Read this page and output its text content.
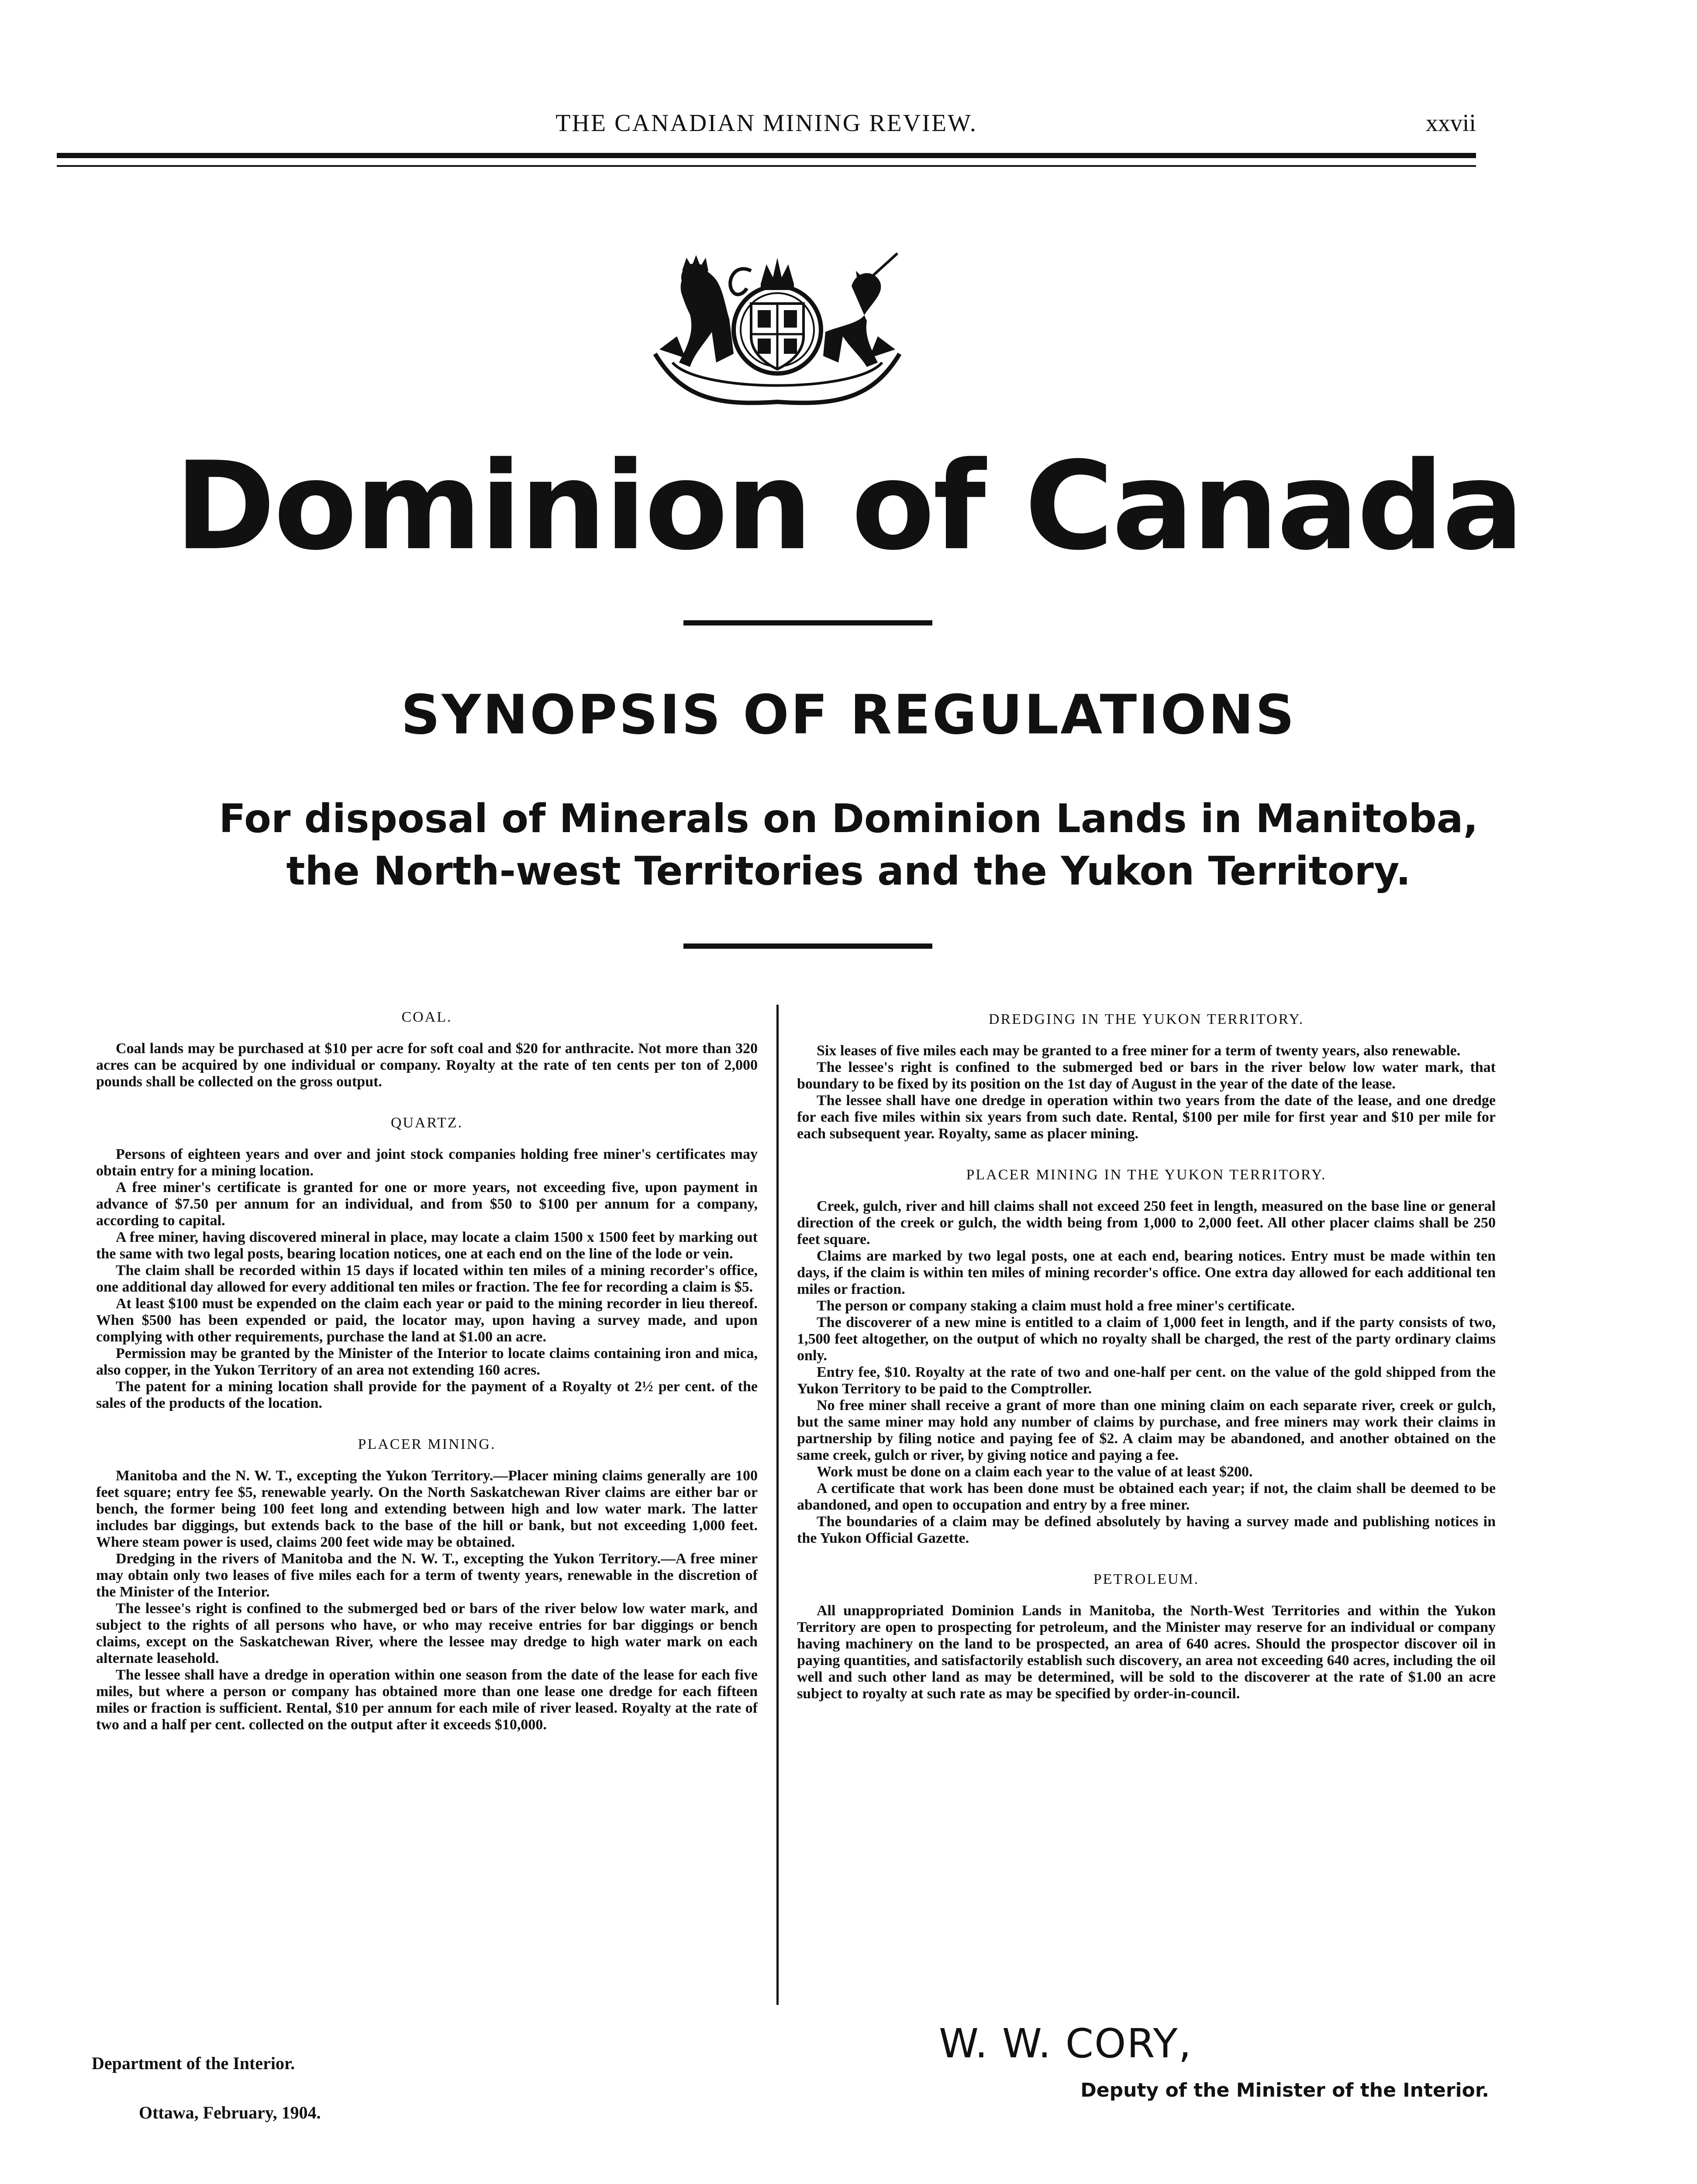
THE CANADIAN MINING REVIEW.	xxvii
Dominion of Canada
SYNOPSIS OF REGULATIONS
For disposal of Minerals on Dominion Lands in Manitoba,
the North-west Territories and the Yukon Territory.
COAL.

Coal lands may be purchased at $10 per acre for soft coal and $20 for anthracite. Not more than 320 acres can be acquired by one individual or company. Royalty at the rate of ten cents per ton of 2,000 pounds shall be collected on the gross output.

QUARTZ.

Persons of eighteen years and over and joint stock companies holding free miner's certificates may obtain entry for a mining location.

A free miner's certificate is granted for one or more years, not exceeding five, upon payment in advance of $7.50 per annum for an individual, and from $50 to $100 per annum for a company, according to capital.

A free miner, having discovered mineral in place, may locate a claim 1500 x 1500 feet by marking out the same with two legal posts, bearing location notices, one at each end on the line of the lode or vein.

The claim shall be recorded within 15 days if located within ten miles of a mining recorder's office, one additional day allowed for every additional ten miles or fraction. The fee for recording a claim is $5.

At least $100 must be expended on the claim each year or paid to the mining recorder in lieu thereof. When $500 has been expended or paid, the locator may, upon having a survey made, and upon complying with other requirements, purchase the land at $1.00 an acre.

Permission may be granted by the Minister of the Interior to locate claims containing iron and mica, also copper, in the Yukon Territory of an area not extending 160 acres.

The patent for a mining location shall provide for the payment of a Royalty ot 2½ per cent. of the sales of the products of the location.

PLACER MINING.

Manitoba and the N. W. T., excepting the Yukon Territory.—Placer mining claims generally are 100 feet square; entry fee $5, renewable yearly. On the North Saskatchewan River claims are either bar or bench, the former being 100 feet long and extending between high and low water mark. The latter includes bar diggings, but extends back to the base of the hill or bank, but not exceeding 1,000 feet. Where steam power is used, claims 200 feet wide may be obtained.

Dredging in the rivers of Manitoba and the N. W. T., excepting the Yukon Territory.—A free miner may obtain only two leases of five miles each for a term of twenty years, renewable in the discretion of the Minister of the Interior.

The lessee's right is confined to the submerged bed or bars of the river below low water mark, and subject to the rights of all persons who have, or who may receive entries for bar diggings or bench claims, except on the Saskatchewan River, where the lessee may dredge to high water mark on each alternate leasehold.

The lessee shall have a dredge in operation within one season from the date of the lease for each five miles, but where a person or company has obtained more than one lease one dredge for each fifteen miles or fraction is sufficient. Rental, $10 per annum for each mile of river leased. Royalty at the rate of two and a half per cent. collected on the output after it exceeds $10,000.

DREDGING IN THE YUKON TERRITORY.

Six leases of five miles each may be granted to a free miner for a term of twenty years, also renewable.

The lessee's right is confined to the submerged bed or bars in the river below low water mark, that boundary to be fixed by its position on the 1st day of August in the year of the date of the lease.

The lessee shall have one dredge in operation within two years from the date of the lease, and one dredge for each five miles within six years from such date. Rental, $100 per mile for first year and $10 per mile for each subsequent year. Royalty, same as placer mining.

PLACER MINING IN THE YUKON TERRITORY.

Creek, gulch, river and hill claims shall not exceed 250 feet in length, measured on the base line or general direction of the creek or gulch, the width being from 1,000 to 2,000 feet. All other placer claims shall be 250 feet square.

Claims are marked by two legal posts, one at each end, bearing notices. Entry must be made within ten days, if the claim is within ten miles of mining recorder's office. One extra day allowed for each additional ten miles or fraction.

The person or company staking a claim must hold a free miner's certificate.

The discoverer of a new mine is entitled to a claim of 1,000 feet in length, and if the party consists of two, 1,500 feet altogether, on the output of which no royalty shall be charged, the rest of the party ordinary claims only.

Entry fee, $10. Royalty at the rate of two and one-half per cent. on the value of the gold shipped from the Yukon Territory to be paid to the Comptroller.

No free miner shall receive a grant of more than one mining claim on each separate river, creek or gulch, but the same miner may hold any number of claims by purchase, and free miners may work their claims in partnership by filing notice and paying fee of $2. A claim may be abandoned, and another obtained on the same creek, gulch or river, by giving notice and paying a fee.

Work must be done on a claim each year to the value of at least $200.

A certificate that work has been done must be obtained each year; if not, the claim shall be deemed to be abandoned, and open to occupation and entry by a free miner.

The boundaries of a claim may be defined absolutely by having a survey made and publishing notices in the Yukon Official Gazette.

PETROLEUM.

All unappropriated Dominion Lands in Manitoba, the North-West Territories and within the Yukon Territory are open to prospecting for petroleum, and the Minister may reserve for an individual or company having machinery on the land to be prospected, an area of 640 acres. Should the prospector discover oil in paying quantities, and satisfactorily establish such discovery, an area not exceeding 640 acres, including the oil well and such other land as may be determined, will be sold to the discoverer at the rate of $1.00 an acre subject to royalty at such rate as may be specified by order-in-council.

Department of the Interior.
Ottawa, February, 1904.
W. W. CORY,
Deputy of the Minister of the Interior.
